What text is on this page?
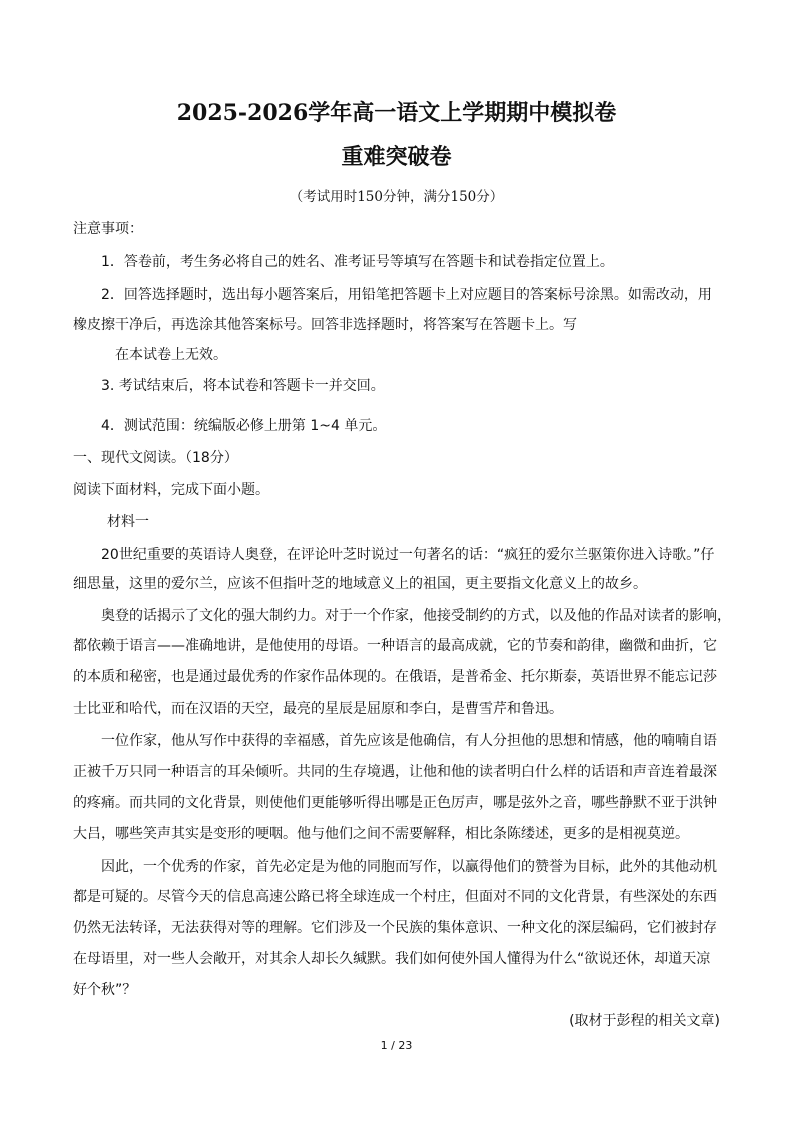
2025-2026学年高一语文上学期期中模拟卷
重难突破卷
（考试用时150分钟，满分150分）
注意事项：
1．答卷前，考生务必将自己的姓名、准考证号等填写在答题卡和试卷指定位置上。
2．回答选择题时，选出每小题答案后，用铅笔把答题卡上对应题目的答案标号涂黑。如需改动，用
橡皮擦干净后，再选涂其他答案标号。回答非选择题时，将答案写在答题卡上。写
在本试卷上无效。
3. 考试结束后，将本试卷和答题卡一并交回。
4．测试范围：统编版必修上册第 1~4 单元。
一、现代文阅读。（18分）
阅读下面材料，完成下面小题。
材料一
20世纪重要的英语诗人奥登，在评论叶芝时说过一句著名的话：“疯狂的爱尔兰驱策你进入诗歌。”仔
细思量，这里的爱尔兰，应该不但指叶芝的地域意义上的祖国，更主要指文化意义上的故乡。
奥登的话揭示了文化的强大制约力。对于一个作家，他接受制约的方式，以及他的作品对读者的影响，
都依赖于语言——准确地讲，是他使用的母语。一种语言的最高成就，它的节奏和韵律，幽微和曲折，它
的本质和秘密，也是通过最优秀的作家作品体现的。在俄语，是普希金、托尔斯泰，英语世界不能忘记莎
士比亚和哈代，而在汉语的天空，最亮的星辰是屈原和李白，是曹雪芹和鲁迅。
一位作家，他从写作中获得的幸福感，首先应该是他确信，有人分担他的思想和情感，他的喃喃自语
正被千万只同一种语言的耳朵倾听。共同的生存境遇，让他和他的读者明白什么样的话语和声音连着最深
的疼痛。而共同的文化背景，则使他们更能够听得出哪是正色厉声，哪是弦外之音，哪些静默不亚于洪钟
大吕，哪些笑声其实是变形的哽咽。他与他们之间不需要解释，相比条陈缕述，更多的是相视莫逆。
因此，一个优秀的作家，首先必定是为他的同胞而写作，以赢得他们的赞誉为目标，此外的其他动机
都是可疑的。尽管今天的信息高速公路已将全球连成一个村庄，但面对不同的文化背景，有些深处的东西
仍然无法转译，无法获得对等的理解。它们涉及一个民族的集体意识、一种文化的深层编码，它们被封存
在母语里，对一些人会敞开，对其余人却长久缄默。我们如何使外国人懂得为什么“欲说还休，却道天凉
好个秋”？
(取材于彭程的相关文章)
1 / 23
